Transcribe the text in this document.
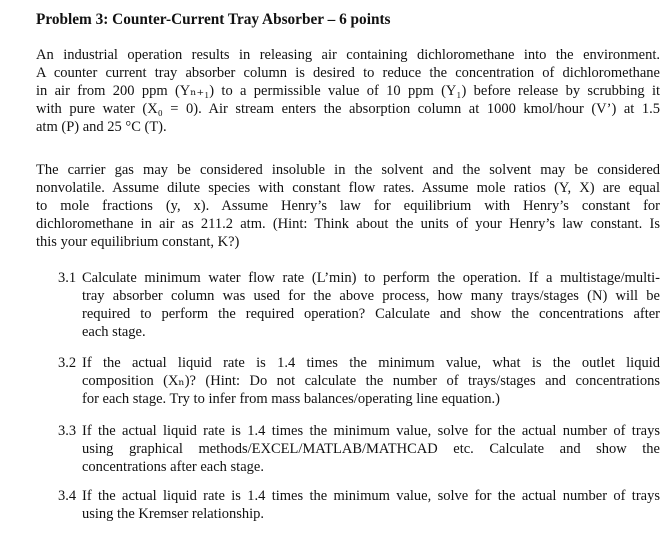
Problem 3: Counter-Current Tray Absorber – 6 points
An industrial operation results in releasing air containing dichloromethane into the environment.
A counter current tray absorber column is desired to reduce the concentration of dichloromethane
in air from 200 ppm (Yₙ₊₁) to a permissible value of 10 ppm (Y₁) before release by scrubbing it
with pure water (X₀ = 0). Air stream enters the absorption column at 1000 kmol/hour (V’) at 1.5
atm (P) and 25 °C (T).
The carrier gas may be considered insoluble in the solvent and the solvent may be considered
nonvolatile. Assume dilute species with constant flow rates. Assume mole ratios (Y, X) are equal
to mole fractions (y, x). Assume Henry’s law for equilibrium with Henry’s constant for
dichloromethane in air as 211.2 atm. (Hint: Think about the units of your Henry’s law constant. Is
this your equilibrium constant, K?)
3.1 Calculate minimum water flow rate (L’min) to perform the operation. If a multistage/multi-
tray absorber column was used for the above process, how many trays/stages (N) will be
required to perform the required operation? Calculate and show the concentrations after
each stage.
3.2 If the actual liquid rate is 1.4 times the minimum value, what is the outlet liquid
composition (Xₙ)? (Hint: Do not calculate the number of trays/stages and concentrations
for each stage. Try to infer from mass balances/operating line equation.)
3.3 If the actual liquid rate is 1.4 times the minimum value, solve for the actual number of trays
using graphical methods/EXCEL/MATLAB/MATHCAD etc. Calculate and show the
concentrations after each stage.
3.4 If the actual liquid rate is 1.4 times the minimum value, solve for the actual number of trays
using the Kremser relationship.
